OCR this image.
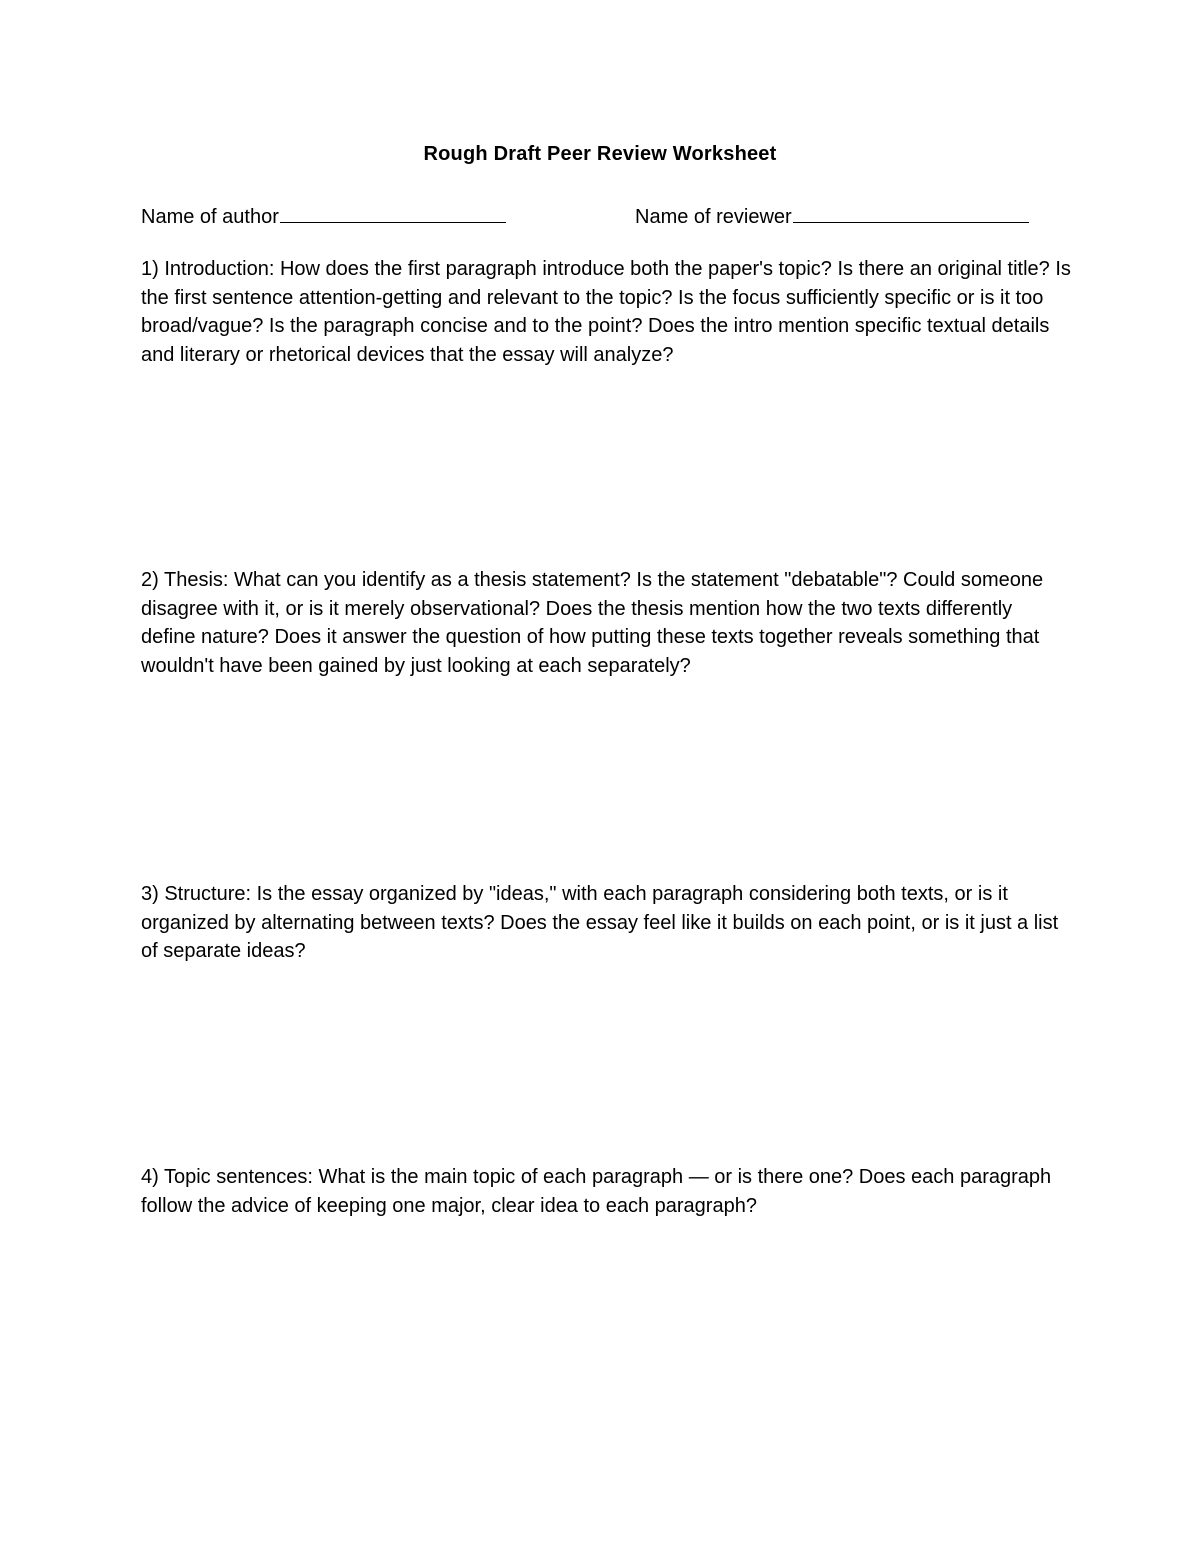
Rough Draft Peer Review Worksheet
Name of author	Name of reviewer

1) Introduction: How does the first paragraph introduce both the paper's topic? Is there an original title? Is the first sentence attention-getting and relevant to the topic? Is the focus sufficiently specific or is it too broad/vague? Is the paragraph concise and to the point? Does the intro mention specific textual details and literary or rhetorical devices that the essay will analyze?

2) Thesis: What can you identify as a thesis statement? Is the statement "debatable"? Could someone disagree with it, or is it merely observational? Does the thesis mention how the two texts differently define nature? Does it answer the question of how putting these texts together reveals something that wouldn't have been gained by just looking at each separately?

3) Structure: Is the essay organized by "ideas," with each paragraph considering both texts, or is it organized by alternating between texts? Does the essay feel like it builds on each point, or is it just a list of separate ideas?

4) Topic sentences: What is the main topic of each paragraph — or is there one? Does each paragraph follow the advice of keeping one major, clear idea to each paragraph?
